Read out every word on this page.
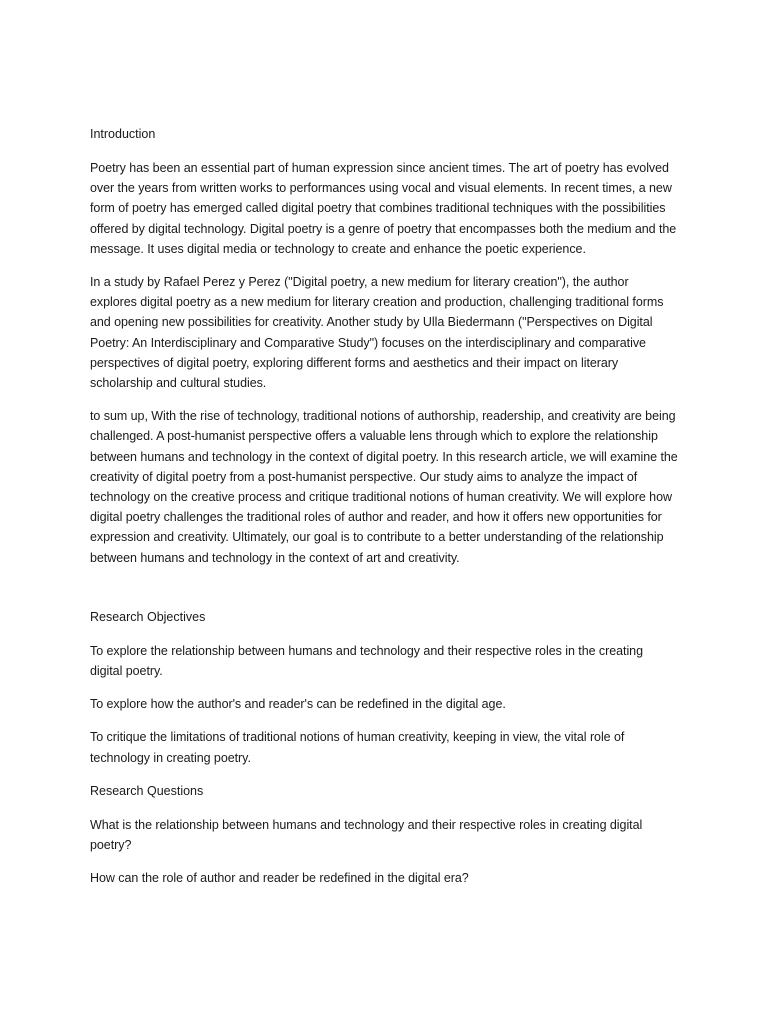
Introduction

Poetry has been an essential part of human expression since ancient times. The art of poetry has evolved over the years from written works to performances using vocal and visual elements. In recent times, a new form of poetry has emerged called digital poetry that combines traditional techniques with the possibilities offered by digital technology. Digital poetry is a genre of poetry that encompasses both the medium and the message. It uses digital media or technology to create and enhance the poetic experience.

In a study by Rafael Perez y Perez ("Digital poetry, a new medium for literary creation"), the author explores digital poetry as a new medium for literary creation and production, challenging traditional forms and opening new possibilities for creativity. Another study by Ulla Biedermann ("Perspectives on Digital Poetry: An Interdisciplinary and Comparative Study") focuses on the interdisciplinary and comparative perspectives of digital poetry, exploring different forms and aesthetics and their impact on literary scholarship and cultural studies.

to sum up, With the rise of technology, traditional notions of authorship, readership, and creativity are being challenged. A post-humanist perspective offers a valuable lens through which to explore the relationship between humans and technology in the context of digital poetry. In this research article, we will examine the creativity of digital poetry from a post-humanist perspective. Our study aims to analyze the impact of technology on the creative process and critique traditional notions of human creativity. We will explore how digital poetry challenges the traditional roles of author and reader, and how it offers new opportunities for expression and creativity. Ultimately, our goal is to contribute to a better understanding of the relationship between humans and technology in the context of art and creativity.

Research Objectives

To explore the relationship between humans and technology and their respective roles in the creating digital poetry.

To explore how the author's and reader's can be redefined in the digital age.

To critique the limitations of traditional notions of human creativity, keeping in view, the vital role of technology in creating poetry.

Research Questions

What is the relationship between humans and technology and their respective roles in creating digital poetry?

How can the role of author and reader be redefined in the digital era?
